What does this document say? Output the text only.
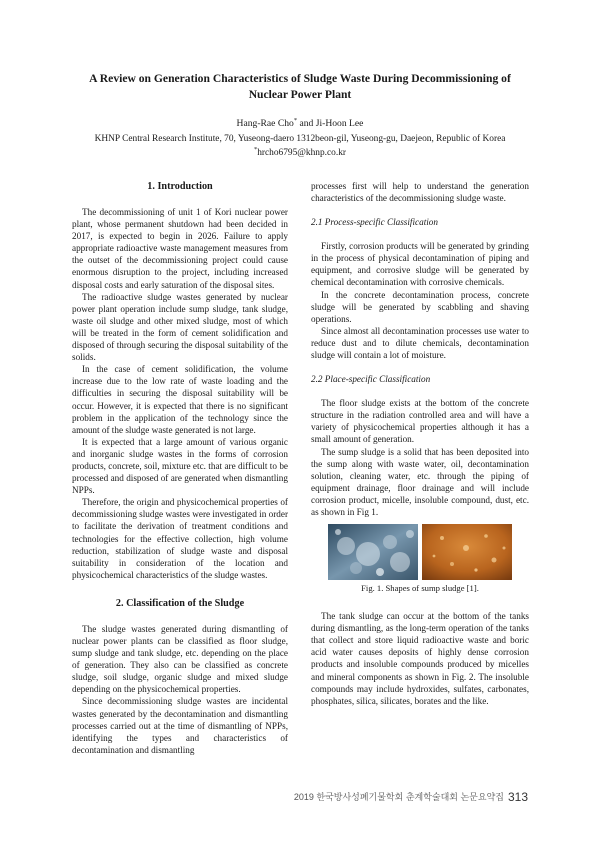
A Review on Generation Characteristics of Sludge Waste During Decommissioning of
Nuclear Power Plant
Hang-Rae Cho* and Ji-Hoon Lee
KHNP Central Research Institute, 70, Yuseong-daero 1312beon-gil, Yuseong-gu, Daejeon, Republic of Korea
*hrcho6795@khnp.co.kr
1. Introduction

The decommissioning of unit 1 of Kori nuclear power plant, whose permanent shutdown had been decided in 2017, is expected to begin in 2026. Failure to apply appropriate radioactive waste management measures from the outset of the decommissioning project could cause enormous disruption to the project, including increased disposal costs and early saturation of the disposal sites.

The radioactive sludge wastes generated by nuclear power plant operation include sump sludge, tank sludge, waste oil sludge and other mixed sludge, most of which will be treated in the form of cement solidification and disposed of through securing the disposal suitability of the solids.

In the case of cement solidification, the volume increase due to the low rate of waste loading and the difficulties in securing the disposal suitability will be occur. However, it is expected that there is no significant problem in the application of the technology since the amount of the sludge waste generated is not large.

It is expected that a large amount of various organic and inorganic sludge wastes in the forms of corrosion products, concrete, soil, mixture etc. that are difficult to be processed and disposed of are generated when dismantling NPPs.

Therefore, the origin and physicochemical properties of decommissioning sludge wastes were investigated in order to facilitate the derivation of treatment conditions and technologies for the effective collection, high volume reduction, stabilization of sludge waste and disposal suitability in consideration of the location and physicochemical characteristics of the sludge wastes.

2. Classification of the Sludge

The sludge wastes generated during dismantling of nuclear power plants can be classified as floor sludge, sump sludge and tank sludge, etc. depending on the place of generation. They also can be classified as concrete sludge, soil sludge, organic sludge and mixed sludge depending on the physicochemical properties.

Since decommissioning sludge wastes are incidental wastes generated by the decontamination and dismantling processes carried out at the time of dismantling of NPPs, identifying the types and characteristics of decontamination and dismantling

processes first will help to understand the generation characteristics of the decommissioning sludge waste.

2.1 Process-specific Classification

Firstly, corrosion products will be generated by grinding in the process of physical decontamination of piping and equipment, and corrosive sludge will be generated by chemical decontamination with corrosive chemicals.

In the concrete decontamination process, concrete sludge will be generated by scabbling and shaving operations.

Since almost all decontamination processes use water to reduce dust and to dilute chemicals, decontamination sludge will contain a lot of moisture.

2.2 Place-specific Classification

The floor sludge exists at the bottom of the concrete structure in the radiation controlled area and will have a variety of physicochemical properties although it has a small amount of generation.

The sump sludge is a solid that has been deposited into the sump along with waste water, oil, decontamination solution, cleaning water, etc. through the piping of equipment drainage, floor drainage and will include corrosion product, micelle, insoluble compound, dust, etc. as shown in Fig 1.

Fig. 1. Shapes of sump sludge [1].

The tank sludge can occur at the bottom of the tanks during dismantling, as the long-term operation of the tanks that collect and store liquid radioactive waste and boric acid water causes deposits of highly dense corrosion products and insoluble compounds produced by micelles and mineral components as shown in Fig. 2. The insoluble compounds may include hydroxides, sulfates, carbonates, phosphates, silica, silicates, borates and the like.

2019 한국방사성폐기물학회 춘계학술대회 논문요약집 313
